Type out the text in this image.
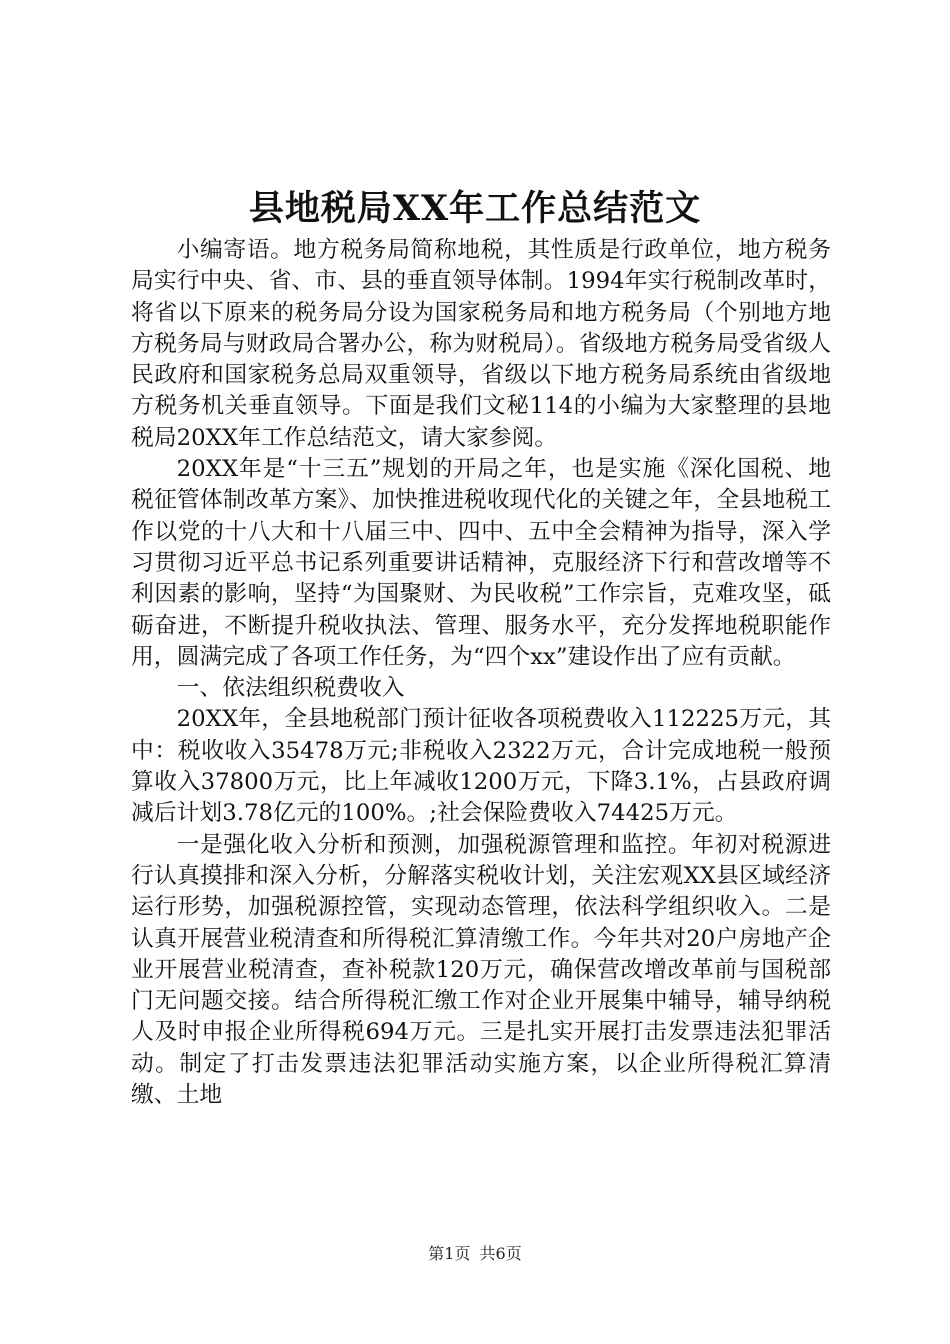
县地税局XX年工作总结范文

小编寄语。地方税务局简称地税，其性质是行政单位，地方税务局实行中央、省、市、县的垂直领导体制。1994年实行税制改革时，将省以下原来的税务局分设为国家税务局和地方税务局（个别地方地方税务局与财政局合署办公，称为财税局）。省级地方税务局受省级人民政府和国家税务总局双重领导，省级以下地方税务局系统由省级地方税务机关垂直领导。下面是我们文秘114的小编为大家整理的县地税局20XX年工作总结范文，请大家参阅。

20XX年是“十三五”规划的开局之年，也是实施《深化国税、地税征管体制改革方案》、加快推进税收现代化的关键之年，全县地税工作以党的十八大和十八届三中、四中、五中全会精神为指导，深入学习贯彻习近平总书记系列重要讲话精神，克服经济下行和营改增等不利因素的影响，坚持“为国聚财、为民收税”工作宗旨，克难攻坚，砥砺奋进，不断提升税收执法、管理、服务水平，充分发挥地税职能作用，圆满完成了各项工作任务，为“四个xx”建设作出了应有贡献。

一、依法组织税费收入

20XX年，全县地税部门预计征收各项税费收入112225万元，其中：税收收入35478万元;非税收入2322万元，合计完成地税一般预算收入37800万元，比上年减收1200万元，下降3.1%，占县政府调减后计划3.78亿元的100%。;社会保险费收入74425万元。

一是强化收入分析和预测，加强税源管理和监控。年初对税源进行认真摸排和深入分析，分解落实税收计划，关注宏观XX县区域经济运行形势，加强税源控管，实现动态管理，依法科学组织收入。二是认真开展营业税清查和所得税汇算清缴工作。今年共对20户房地产企业开展营业税清查，查补税款120万元，确保营改增改革前与国税部门无问题交接。结合所得税汇缴工作对企业开展集中辅导，辅导纳税人及时申报企业所得税694万元。三是扎实开展打击发票违法犯罪活动。制定了打击发票违法犯罪活动实施方案，以企业所得税汇算清缴、土地

第1页 共6页
